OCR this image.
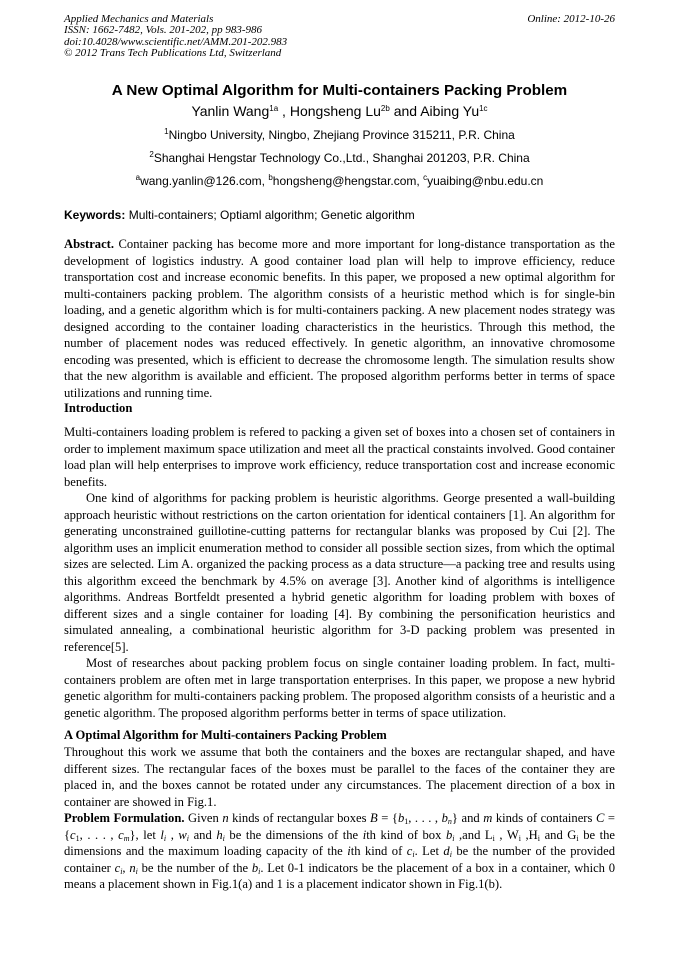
Applied Mechanics and Materials
ISSN: 1662-7482, Vols. 201-202, pp 983-986
doi:10.4028/www.scientific.net/AMM.201-202.983
© 2012 Trans Tech Publications Ltd, Switzerland
Online: 2012-10-26
A New Optimal Algorithm for Multi-containers Packing Problem
Yanlin Wang$^{1a}$ , Hongsheng $Lu^{2b}$ and Aibing $Yu^{1c}$
$^1$Ningbo University, Ningbo, Zhejiang Province 315211, P.R. China
$^2$Shanghai Hengstar Technology Co.,Ltd., Shanghai 201203, P.R. China
$^a$wang.yanlin@126.com, $^b$hongsheng@hengstar.com, $^c$yuaibing@nbu.edu.cn
Keywords: Multi-containers; Optiaml algorithm; Genetic algorithm

Abstract. Container packing has become more and more important for long-distance transportation as the development of logistics industry. A good container load plan will help to improve efficiency, reduce transportation cost and increase economic benefits. In this paper, we proposed a new optimal algorithm for multi-containers packing problem. The algorithm consists of a heuristic method which is for single-bin loading, and a genetic algorithm which is for multi-containers packing. A new placement nodes strategy was designed according to the container loading characteristics in the heuristics. Through this method, the number of placement nodes was reduced effectively. In genetic algorithm, an innovative chromosome encoding was presented, which is efficient to decrease the chromosome length. The simulation results show that the new algorithm is available and efficient. The proposed algorithm performs better in terms of space utilizations and running time.

Introduction

Multi-containers loading problem is refered to packing a given set of boxes into a chosen set of containers in order to implement maximum space utilization and meet all the practical constaints involved. Good container load plan will help enterprises to improve work efficiency, reduce transportation cost and increase economic benefits.

One kind of algorithms for packing problem is heuristic algorithms. George presented a wall-building approach heuristic without restrictions on the carton orientation for identical containers [1]. An algorithm for generating unconstrained guillotine-cutting patterns for rectangular blanks was proposed by Cui [2]. The algorithm uses an implicit enumeration method to consider all possible section sizes, from which the optimal sizes are selected. Lim A. organized the packing process as a data structure—a packing tree and results using this algorithm exceed the benchmark by 4.5% on average [3]. Another kind of algorithms is intelligence algorithms. Andreas Bortfeldt presented a hybrid genetic algorithm for loading problem with boxes of different sizes and a single container for loading [4]. By combining the personification heuristics and simulated annealing, a combinational heuristic algorithm for 3-D packing problem was presented in reference[5].

Most of researches about packing problem focus on single container loading problem. In fact, multi-containers problem are often met in large transportation enterprises. In this paper, we propose a new hybrid genetic algorithm for multi-containers packing problem. The proposed algorithm consists of a heuristic and a genetic algorithm. The proposed algorithm performs better in terms of space utilization.

A Optimal Algorithm for Multi-containers Packing Problem

Throughout this work we assume that both the containers and the boxes are rectangular shaped, and have different sizes. The rectangular faces of the boxes must be parallel to the faces of the container they are placed in, and the boxes cannot be rotated under any circumstances. The placement direction of a box in container are showed in Fig.1.

Problem Formulation. Given n kinds of rectangular boxes $B = \{b_1$, . . . , $b_n$} and m kinds of containers $C = \{c_1$, . . . , $c_m$}, let $l_i$ , $w_i$ and $h_i$ be the dimensions of the ith kind of box $b_i$ ,and $L_i$ , $W_i$ $,H_i$ and $G_i$ be the dimensions and the maximum loading capacity of the ith kind of $c_i$. Let $d_i$ be the number of the provided container $c_i$, $n_i$ be the number of the $b_i$. Let 0-1 indicators be the placement of a box in a container, which 0 means a placement shown in Fig.1(a) and 1 is a placement indicator shown in Fig.1(b).
